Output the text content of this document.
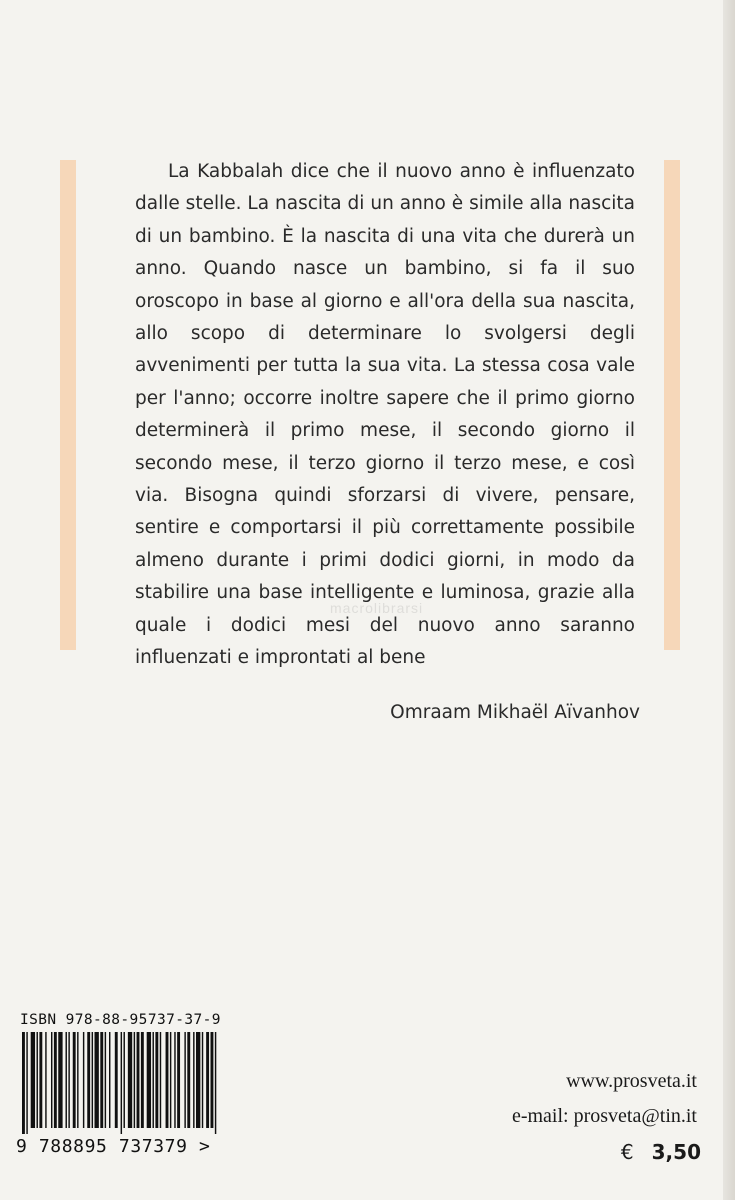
La Kabbalah dice che il nuovo anno è influenzato dalle stelle. La nascita di un anno è simile alla nascita di un bambino. È la nascita di una vita che durerà un anno. Quando nasce un bambino, si fa il suo oroscopo in base al giorno e all'ora della sua nascita, allo scopo di determinare lo svolgersi degli avvenimenti per tutta la sua vita. La stessa cosa vale per l'anno; occorre inoltre sapere che il primo giorno determinerà il primo mese, il secondo giorno il secondo mese, il terzo giorno il terzo mese, e così via. Bisogna quindi sforzarsi di vivere, pensare, sentire e comportarsi il più correttamente possibile almeno durante i primi dodici giorni, in modo da stabilire una base intelligente e luminosa, grazie alla quale i dodici mesi del nuovo anno saranno influenzati e improntati al bene

Omraam Mikhaël Aïvanhov
macrolibrarsi
ISBN 978-88-95737-37-9
9 788895 737379 >
www.prosveta.it
e-mail: prosveta@tin.it
€ 3,50
